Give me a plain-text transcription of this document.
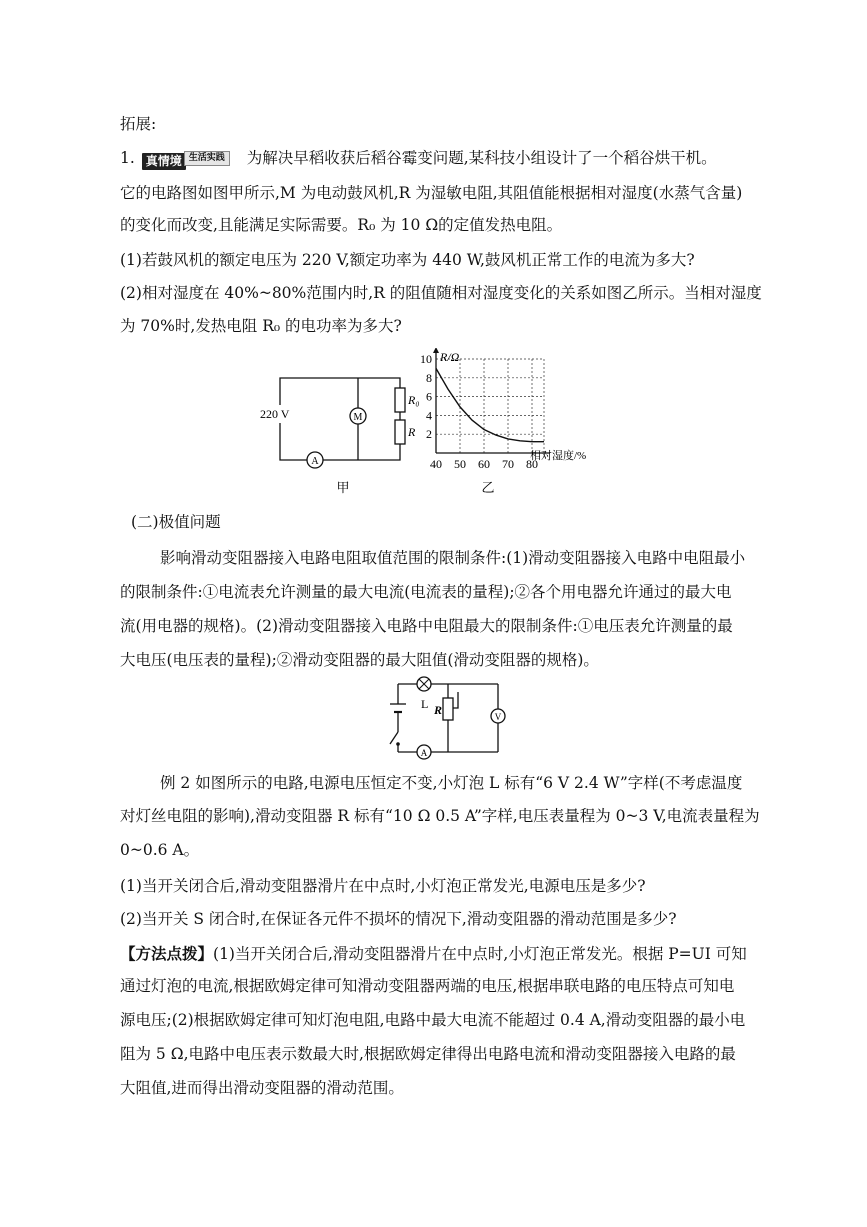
拓展:
1. 真情境 生活实践 为解决早稻收获后稻谷霉变问题,某科技小组设计了一个稻谷烘干机。
它的电路图如图甲所示,M 为电动鼓风机,R 为湿敏电阻,其阻值能根据相对湿度(水蒸气含量)
的变化而改变,且能满足实际需要。R₀ 为 10 Ω的定值发热电阻。
(1)若鼓风机的额定电压为 220 V,额定功率为 440 W,鼓风机正常工作的电流为多大?
(2)相对湿度在 40%~80%范围内时,R 的阻值随相对湿度变化的关系如图乙所示。当相对湿度
为 70%时,发热电阻 R₀ 的电功率为多大?
M
R₀
R
A
220 V
甲
2
4
6
8
10
40 50 60 70 80
R/Ω
相对湿度/%
乙
(二)极值问题
影响滑动变阻器接入电路电阻取值范围的限制条件:(1)滑动变阻器接入电路中电阻最小
的限制条件:①电流表允许测量的最大电流(电流表的量程);②各个用电器允许通过的最大电
流(用电器的规格)。(2)滑动变阻器接入电路中电阻最大的限制条件:①电压表允许测量的最
大电压(电压表的量程);②滑动变阻器的最大阻值(滑动变阻器的规格)。
L R	V
A
例 2 如图所示的电路,电源电压恒定不变,小灯泡 L 标有“6 V 2.4 W”字样(不考虑温度
对灯丝电阻的影响),滑动变阻器 R 标有“10 Ω 0.5 A”字样,电压表量程为 0~3 V,电流表量程为
0~0.6 A。
(1)当开关闭合后,滑动变阻器滑片在中点时,小灯泡正常发光,电源电压是多少?
(2)当开关 S 闭合时,在保证各元件不损坏的情况下,滑动变阻器的滑动范围是多少?
【方法点拨】(1)当开关闭合后,滑动变阻器滑片在中点时,小灯泡正常发光。根据 P=UI 可知
通过灯泡的电流,根据欧姆定律可知滑动变阻器两端的电压,根据串联电路的电压特点可知电
源电压;(2)根据欧姆定律可知灯泡电阻,电路中最大电流不能超过 0.4 A,滑动变阻器的最小电
阻为 5 Ω,电路中电压表示数最大时,根据欧姆定律得出电路电流和滑动变阻器接入电路的最
大阻值,进而得出滑动变阻器的滑动范围。
